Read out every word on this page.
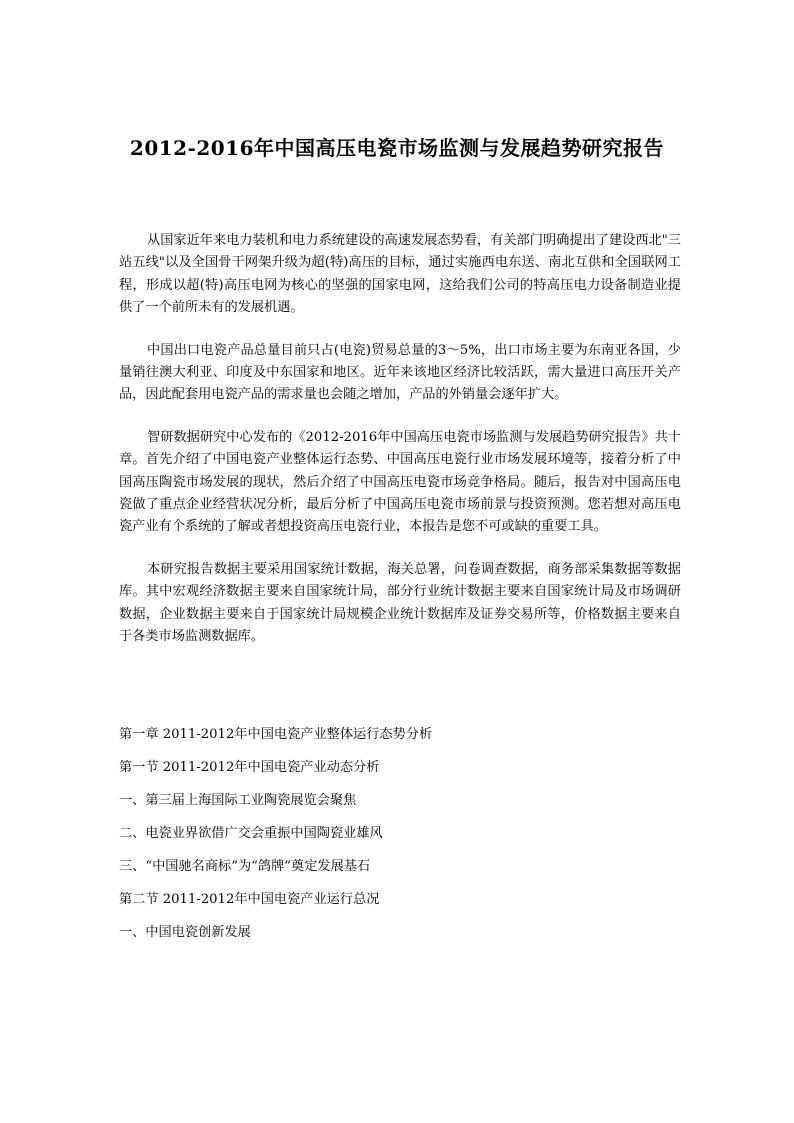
2012-2016年中国高压电瓷市场监测与发展趋势研究报告

从国家近年来电力装机和电力系统建设的高速发展态势看，有关部门明确提出了建设西北"三站五线"以及全国骨干网架升级为超(特)高压的目标，通过实施西电东送、南北互供和全国联网工程，形成以超(特)高压电网为核心的坚强的国家电网，这给我们公司的特高压电力设备制造业提供了一个前所未有的发展机遇。

中国出口电瓷产品总量目前只占(电瓷)贸易总量的3～5%，出口市场主要为东南亚各国，少量销往澳大利亚、印度及中东国家和地区。近年来该地区经济比较活跃，需大量进口高压开关产品，因此配套用电瓷产品的需求量也会随之增加，产品的外销量会逐年扩大。

智研数据研究中心发布的《2012-2016年中国高压电瓷市场监测与发展趋势研究报告》共十章。首先介绍了中国电瓷产业整体运行态势、中国高压电瓷行业市场发展环境等，接着分析了中国高压陶瓷市场发展的现状，然后介绍了中国高压电瓷市场竞争格局。随后，报告对中国高压电瓷做了重点企业经营状况分析，最后分析了中国高压电瓷市场前景与投资预测。您若想对高压电瓷产业有个系统的了解或者想投资高压电瓷行业，本报告是您不可或缺的重要工具。

本研究报告数据主要采用国家统计数据，海关总署，问卷调查数据，商务部采集数据等数据库。其中宏观经济数据主要来自国家统计局，部分行业统计数据主要来自国家统计局及市场调研数据，企业数据主要来自于国家统计局规模企业统计数据库及证券交易所等，价格数据主要来自于各类市场监测数据库。

第一章 2011-2012年中国电瓷产业整体运行态势分析

第一节 2011-2012年中国电瓷产业动态分析

一、第三届上海国际工业陶瓷展览会聚焦

二、电瓷业界欲借广交会重振中国陶瓷业雄风

三、“中国驰名商标”为“鸽牌”奠定发展基石

第二节 2011-2012年中国电瓷产业运行总况

一、中国电瓷创新发展
